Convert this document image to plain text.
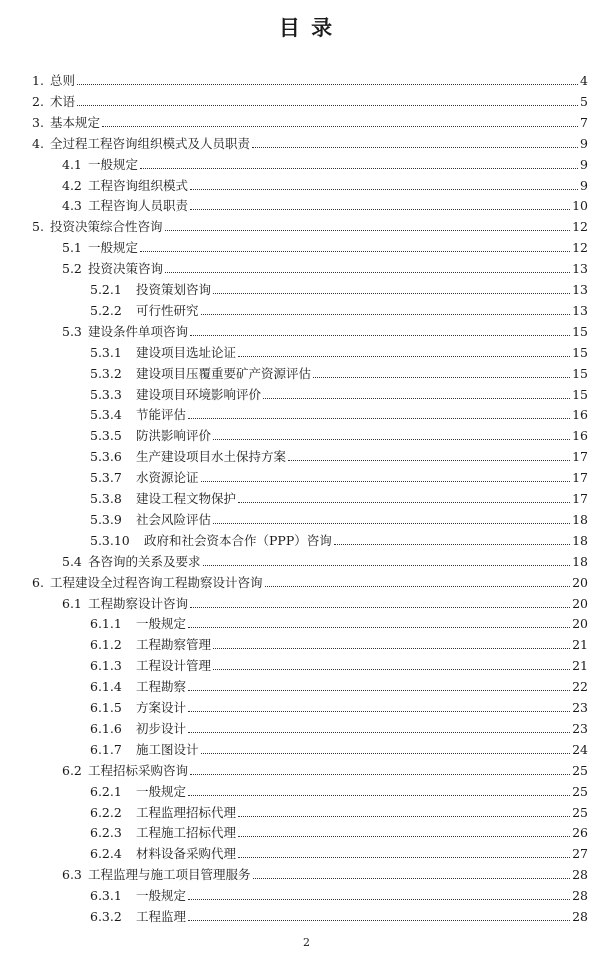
目 录
1. 总则	4
2. 术语	5
3. 基本规定	7
4. 全过程工程咨询组织模式及人员职责	9
4.1 一般规定	9
4.2 工程咨询组织模式	9
4.3 工程咨询人员职责	10
5. 投资决策综合性咨询	12
5.1 一般规定	12
5.2 投资决策咨询	13
5.2.1 投资策划咨询	13
5.2.2 可行性研究	13
5.3 建设条件单项咨询	15
5.3.1 建设项目选址论证	15
5.3.2 建设项目压覆重要矿产资源评估	15
5.3.3 建设项目环境影响评价	15
5.3.4 节能评估	16
5.3.5 防洪影响评价	16
5.3.6 生产建设项目水土保持方案	17
5.3.7 水资源论证	17
5.3.8 建设工程文物保护	17
5.3.9 社会风险评估	18
5.3.10 政府和社会资本合作（PPP）咨询	18
5.4 各咨询的关系及要求	18
6. 工程建设全过程咨询工程勘察设计咨询	20
6.1 工程勘察设计咨询	20
6.1.1 一般规定	20
6.1.2 工程勘察管理	21
6.1.3 工程设计管理	21
6.1.4 工程勘察	22
6.1.5 方案设计	23
6.1.6 初步设计	23
6.1.7 施工图设计	24
6.2 工程招标采购咨询	25
6.2.1 一般规定	25
6.2.2 工程监理招标代理	25
6.2.3 工程施工招标代理	26
6.2.4 材料设备采购代理	27
6.3 工程监理与施工项目管理服务	28
6.3.1 一般规定	28
6.3.2 工程监理	28
2
